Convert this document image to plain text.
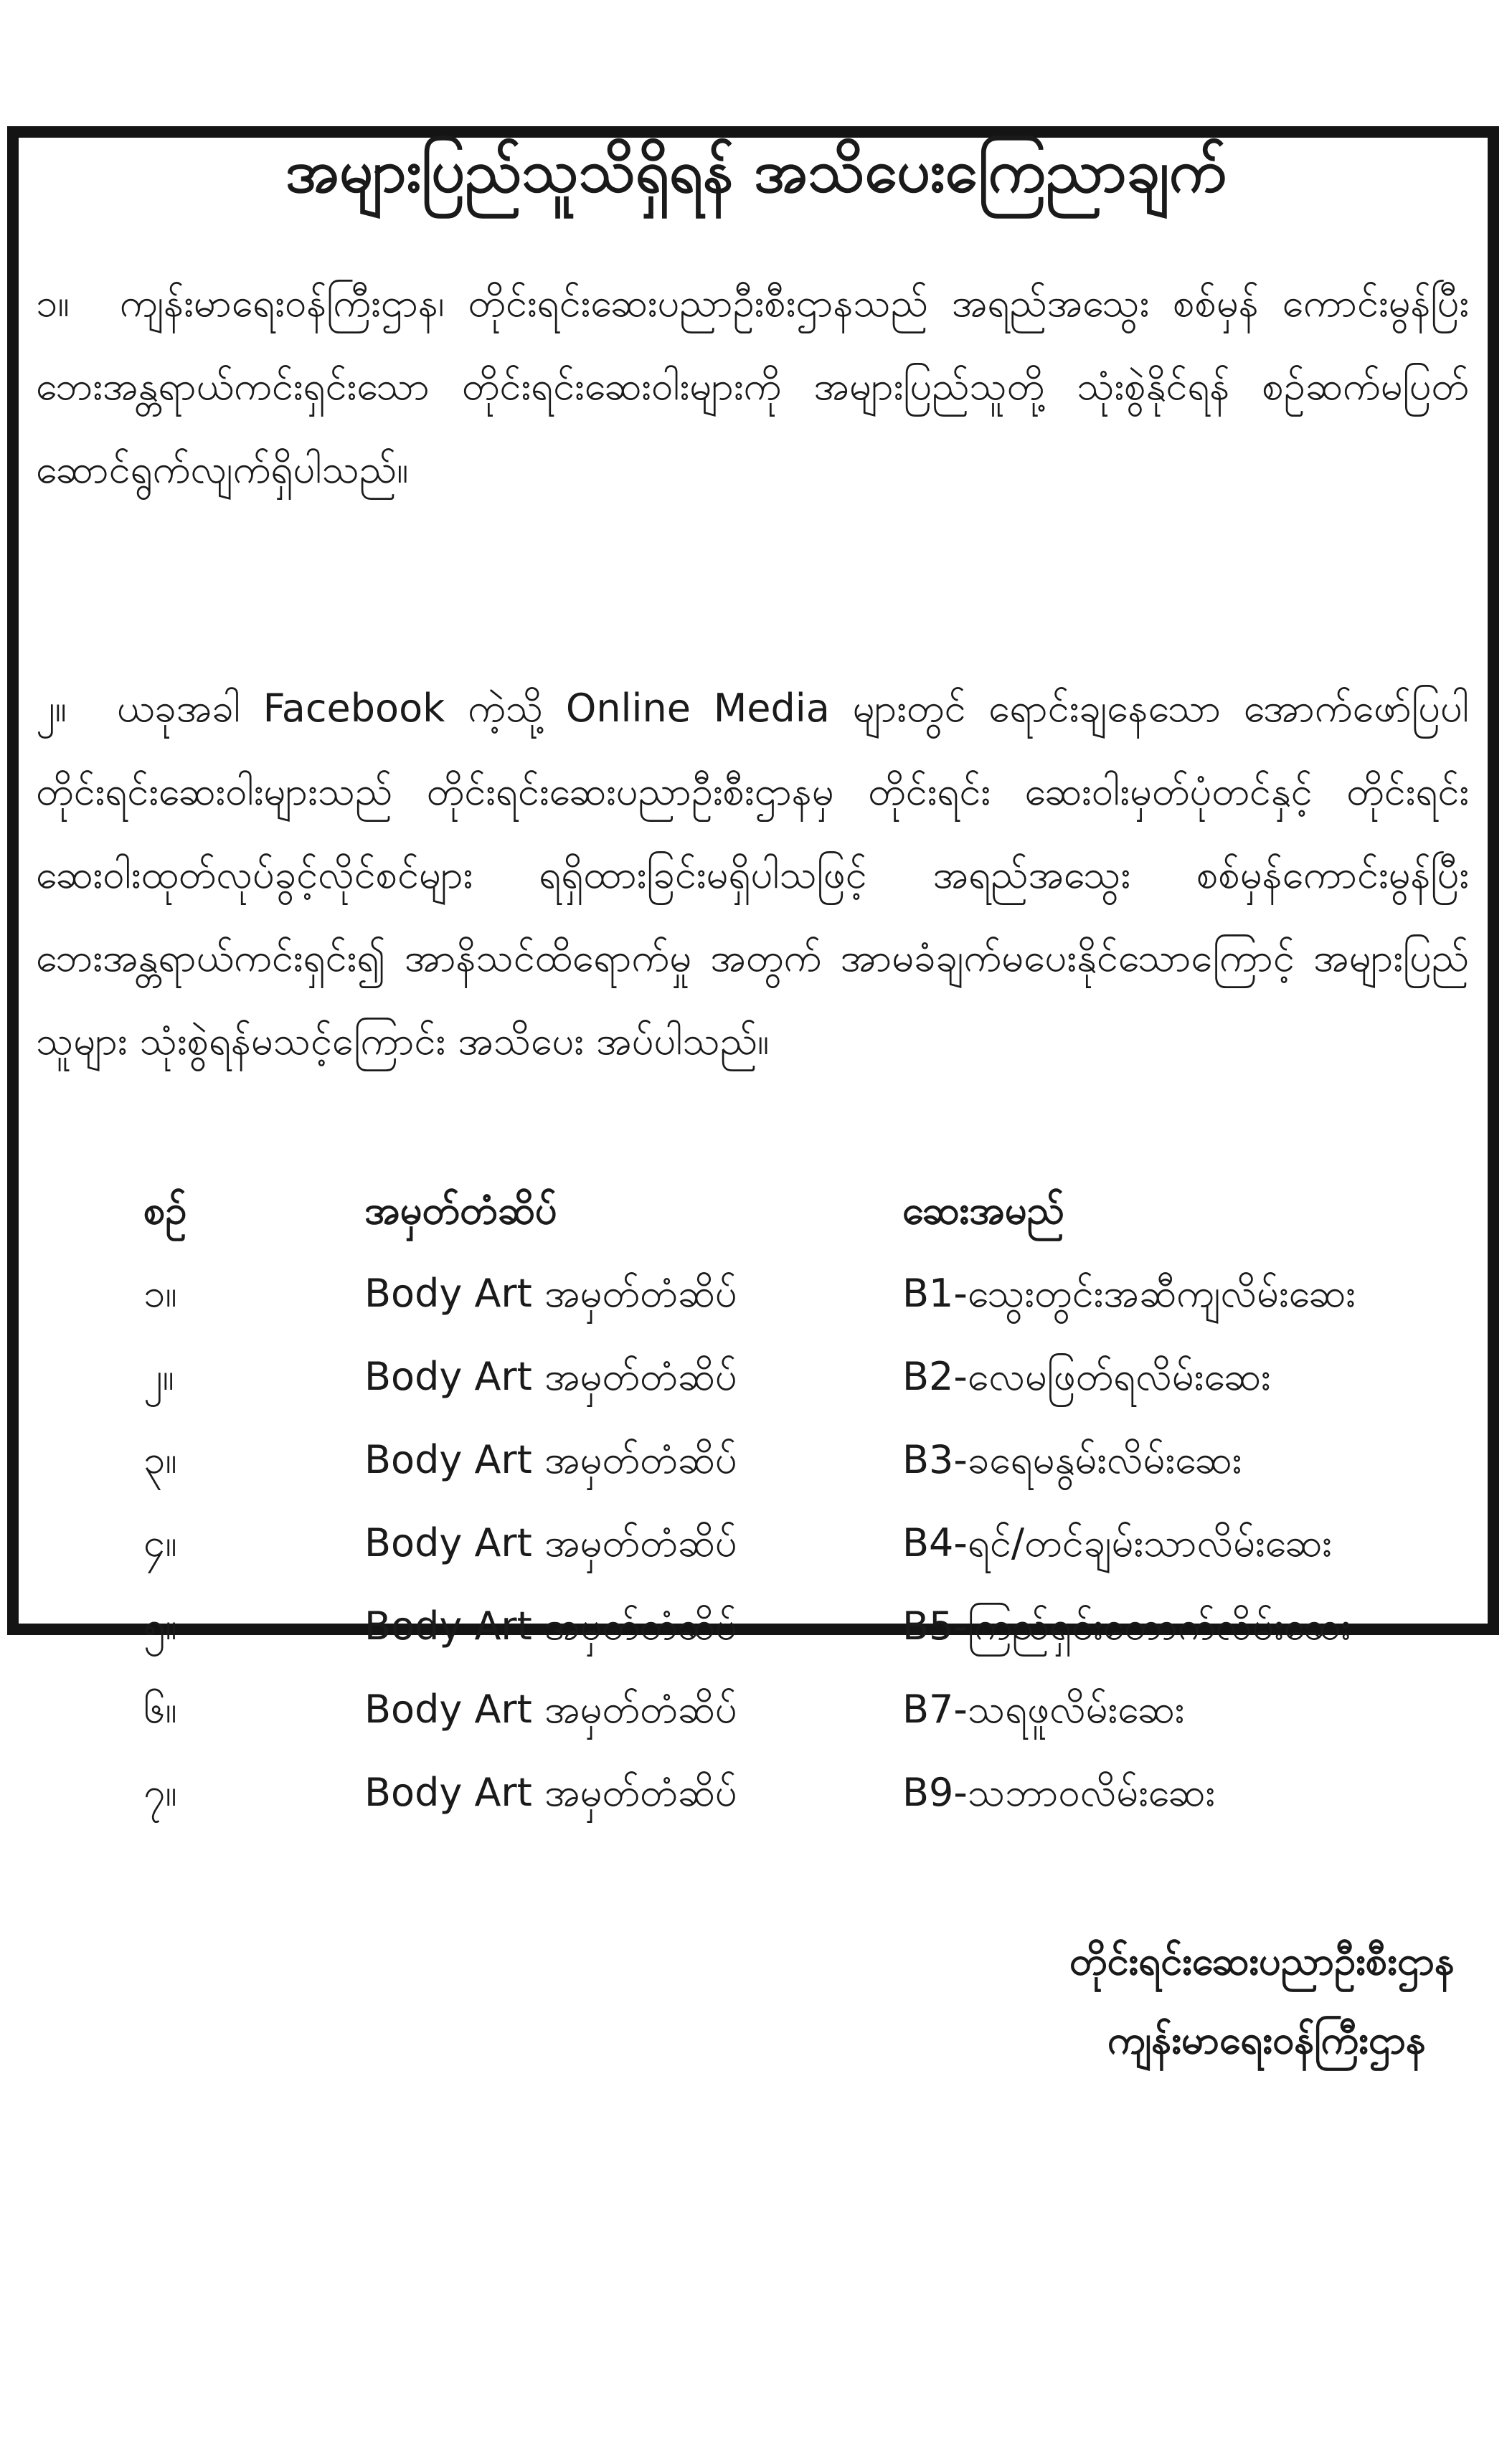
အများပြည်သူသိရှိရန် အသိပေးကြေညာချက်

၁။ ကျန်းမာရေးဝန်ကြီးဌာန၊ တိုင်းရင်းဆေးပညာဦးစီးဌာနသည် အရည်အသွေး စစ်မှန် ကောင်းမွန်ပြီး ဘေးအန္တရာယ်ကင်းရှင်းသော တိုင်းရင်းဆေးဝါးများကို အများပြည်သူတို့ သုံးစွဲနိုင်ရန် စဉ်ဆက်မပြတ် ဆောင်ရွက်လျက်ရှိပါသည်။

၂။ ယခုအခါ Facebook ကဲ့သို့ Online Media များတွင် ရောင်းချနေသော အောက်ဖော်ပြပါ တိုင်းရင်းဆေးဝါးများသည် တိုင်းရင်းဆေးပညာဦးစီးဌာနမှ တိုင်းရင်း ဆေးဝါးမှတ်ပုံတင်နှင့် တိုင်းရင်းဆေးဝါးထုတ်လုပ်ခွင့်လိုင်စင်များ ရရှိထားခြင်းမရှိပါသဖြင့် အရည်အသွေး စစ်မှန်ကောင်းမွန်ပြီး ဘေးအန္တရာယ်ကင်းရှင်း၍ အာနိသင်ထိရောက်မှု အတွက် အာမခံချက်မပေးနိုင်သောကြောင့် အများပြည်သူများ သုံးစွဲရန်မသင့်ကြောင်း အသိပေး အပ်ပါသည်။

စဉ်	အမှတ်တံဆိပ်	ဆေးအမည်
၁။	Body Art အမှတ်တံဆိပ်	B1-သွေးတွင်းအဆီကျလိမ်းဆေး
၂။	Body Art အမှတ်တံဆိပ်	B2-လေမဖြတ်ရလိမ်းဆေး
၃။	Body Art အမှတ်တံဆိပ်	B3-ခရေမနွမ်းလိမ်းဆေး
၄။	Body Art အမှတ်တံဆိပ်	B4-ရင်/တင်ချမ်းသာလိမ်းဆေး
၅။	Body Art အမှတ်တံဆိပ်	B5-ကြည်ရှင်းတောက်လိမ်းဆေး
၆။	Body Art အမှတ်တံဆိပ်	B7-သရဖူလိမ်းဆေး
၇။	Body Art အမှတ်တံဆိပ်	B9-သဘာဝလိမ်းဆေး
တိုင်းရင်းဆေးပညာဦးစီးဌာန
ကျန်းမာရေးဝန်ကြီးဌာန
